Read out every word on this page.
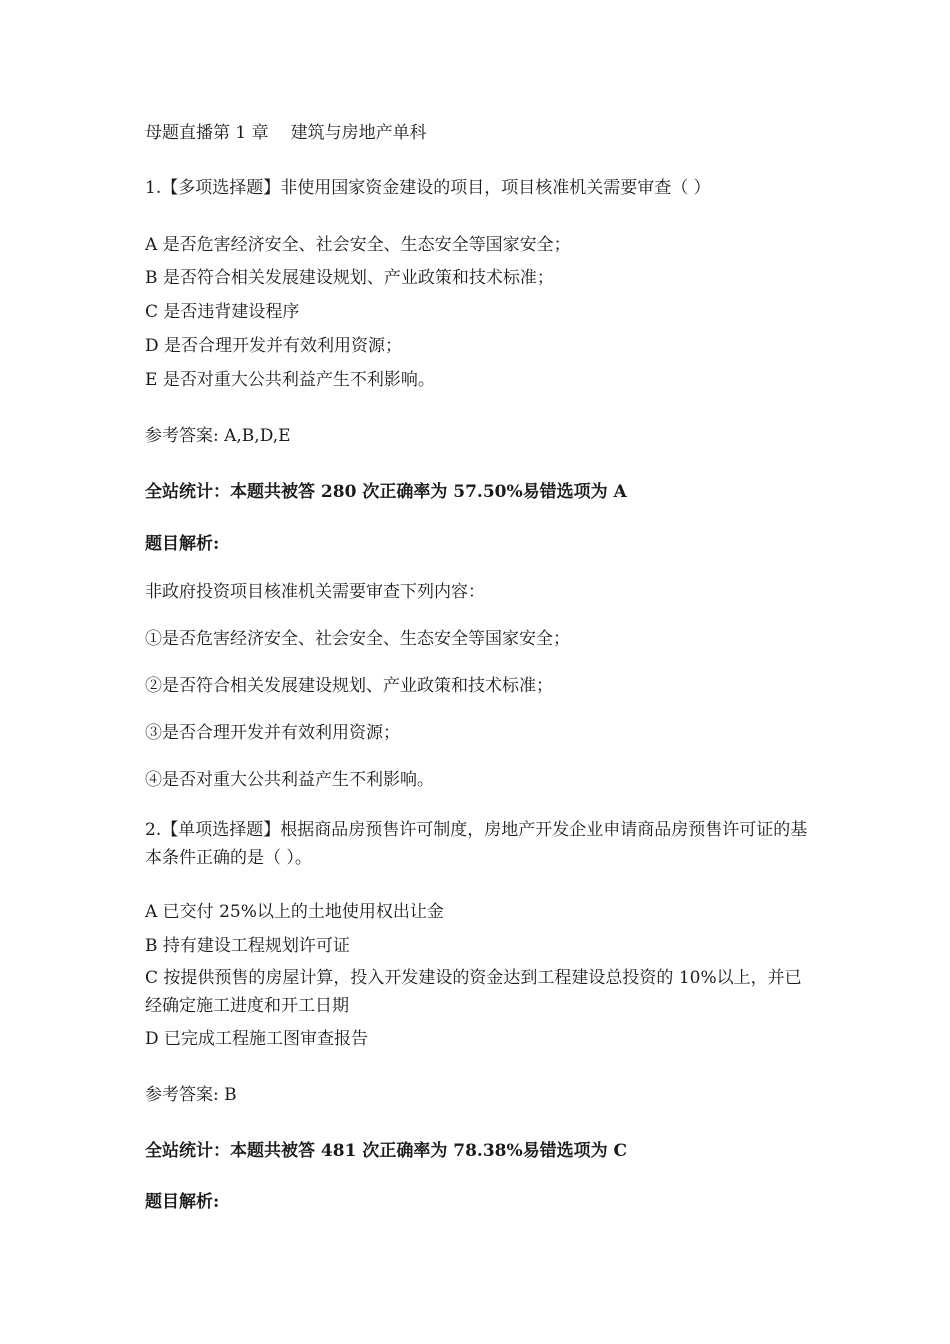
母题直播第 1 章 建筑与房地产单科
1.【多项选择题】非使用国家资金建设的项目，项目核准机关需要审查（ ）
A 是否危害经济安全、社会安全、生态安全等国家安全；
B 是否符合相关发展建设规划、产业政策和技术标准；
C 是否违背建设程序
D 是否合理开发并有效利用资源；
E 是否对重大公共利益产生不利影响。
参考答案: A,B,D,E
全站统计：本题共被答 280 次正确率为 57.50%易错选项为 A
题目解析:
非政府投资项目核准机关需要审查下列内容：
①是否危害经济安全、社会安全、生态安全等国家安全；
②是否符合相关发展建设规划、产业政策和技术标准；
③是否合理开发并有效利用资源；
④是否对重大公共利益产生不利影响。
2.【单项选择题】根据商品房预售许可制度，房地产开发企业申请商品房预售许可证的基本条件正确的是（ ）。
A 已交付 25%以上的土地使用权出让金
B 持有建设工程规划许可证
C 按提供预售的房屋计算，投入开发建设的资金达到工程建设总投资的 10%以上，并已经确定施工进度和开工日期
D 已完成工程施工图审查报告
参考答案: B
全站统计：本题共被答 481 次正确率为 78.38%易错选项为 C
题目解析:
